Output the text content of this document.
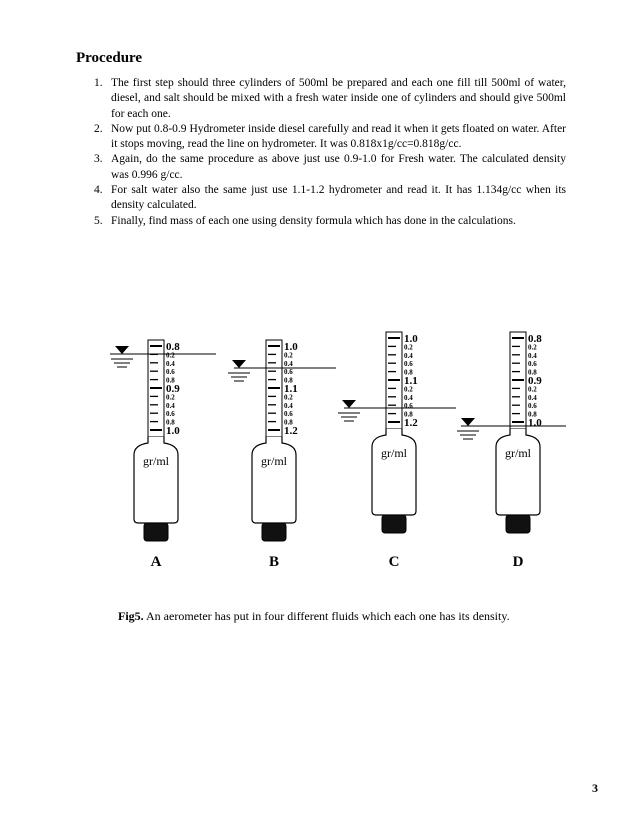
Procedure
1. The first step should three cylinders of 500ml be prepared and each one fill till 500ml of water, diesel, and salt should be mixed with a fresh water inside one of cylinders and should give 500ml for each one.
2. Now put 0.8-0.9 Hydrometer inside diesel carefully and read it when it gets floated on water. After it stops moving, read the line on hydrometer. It was 0.818x1g/cc=0.818g/cc.
3. Again, do the same procedure as above just use 0.9-1.0 for Fresh water. The calculated density was 0.996 g/cc.
4. For salt water also the same just use 1.1-1.2 hydrometer and read it. It has 1.134g/cc when its density calculated.
5. Finally, find mass of each one using density formula which has done in the calculations.
gr/ml
0.8
0.2
0.4
0.6
0.8
0.9
0.2
0.4
0.6
0.8
1.0
A
gr/ml
1.0
0.2
0.4
0.6
0.8
1.1
0.2
0.4
0.6
0.8
1.2
B
gr/ml
1.0
0.2
0.4
0.6
0.8
1.1
0.2
0.4
0.6
0.8
1.2
C
gr/ml
0.8
0.2
0.4
0.6
0.8
0.9
0.2
0.4
0.6
0.8
1.0
D
Fig5. An aerometer has put in four different fluids which each one has its density.
3
